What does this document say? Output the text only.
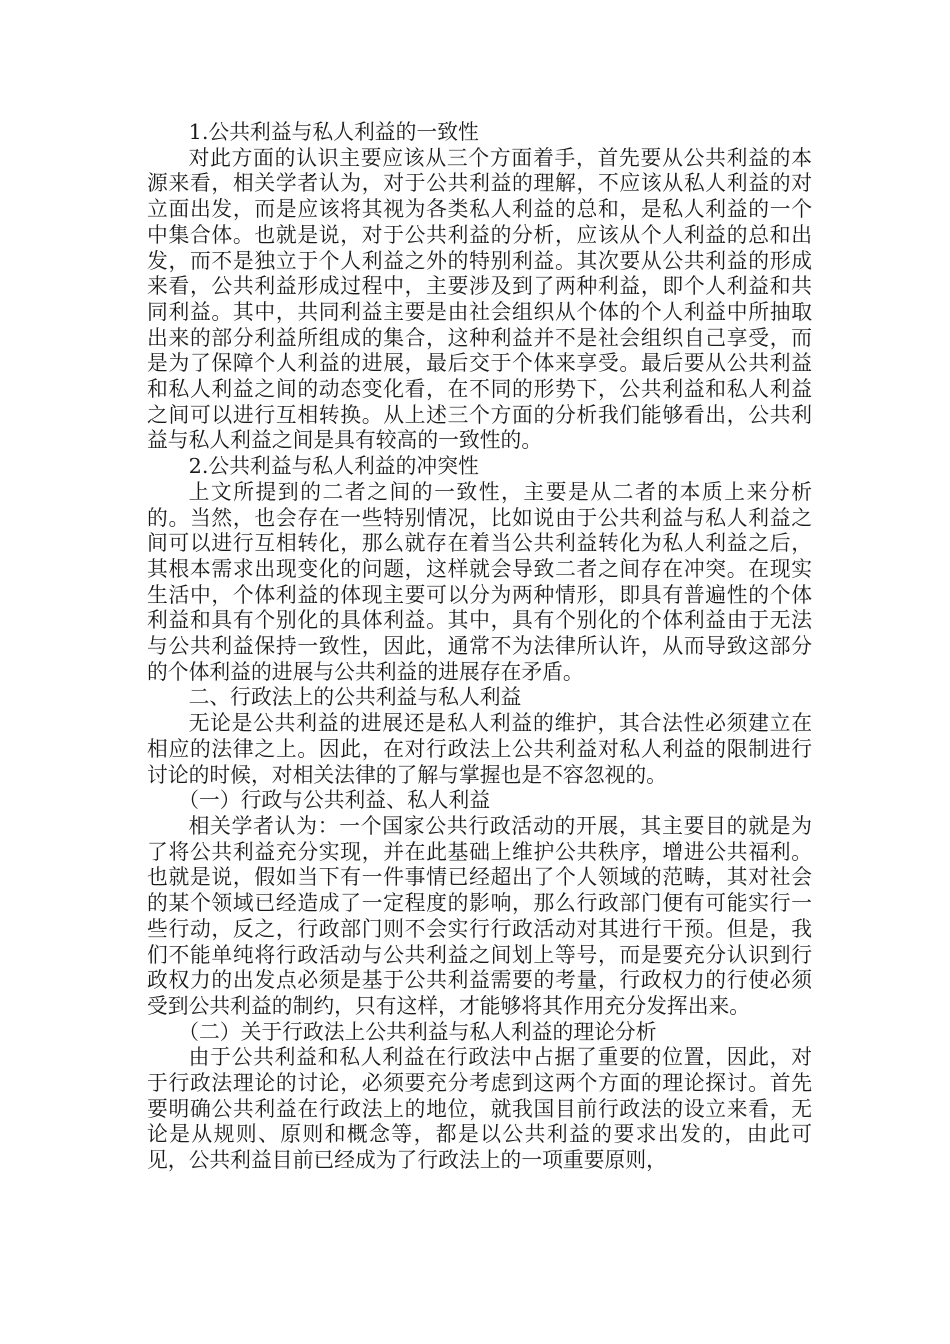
1.公共利益与私人利益的一致性

对此方面的认识主要应该从三个方面着手，首先要从公共利益的本源来看，相关学者认为，对于公共利益的理解，不应该从私人利益的对立面出发，而是应该将其视为各类私人利益的总和，是私人利益的一个中集合体。也就是说，对于公共利益的分析，应该从个人利益的总和出发，而不是独立于个人利益之外的特别利益。其次要从公共利益的形成来看，公共利益形成过程中，主要涉及到了两种利益，即个人利益和共同利益。其中，共同利益主要是由社会组织从个体的个人利益中所抽取出来的部分利益所组成的集合，这种利益并不是社会组织自己享受，而是为了保障个人利益的进展，最后交于个体来享受。最后要从公共利益和私人利益之间的动态变化看，在不同的形势下，公共利益和私人利益之间可以进行互相转换。从上述三个方面的分析我们能够看出，公共利益与私人利益之间是具有较高的一致性的。

2.公共利益与私人利益的冲突性

上文所提到的二者之间的一致性，主要是从二者的本质上来分析的。当然，也会存在一些特别情况，比如说由于公共利益与私人利益之间可以进行互相转化，那么就存在着当公共利益转化为私人利益之后，其根本需求出现变化的问题，这样就会导致二者之间存在冲突。在现实生活中，个体利益的体现主要可以分为两种情形，即具有普遍性的个体利益和具有个别化的具体利益。其中，具有个别化的个体利益由于无法与公共利益保持一致性，因此，通常不为法律所认许，从而导致这部分的个体利益的进展与公共利益的进展存在矛盾。

二、行政法上的公共利益与私人利益

无论是公共利益的进展还是私人利益的维护，其合法性必须建立在相应的法律之上。因此，在对行政法上公共利益对私人利益的限制进行讨论的时候，对相关法律的了解与掌握也是不容忽视的。

（一）行政与公共利益、私人利益

相关学者认为：一个国家公共行政活动的开展，其主要目的就是为了将公共利益充分实现，并在此基础上维护公共秩序，增进公共福利。也就是说，假如当下有一件事情已经超出了个人领域的范畴，其对社会的某个领域已经造成了一定程度的影响，那么行政部门便有可能实行一些行动，反之，行政部门则不会实行行政活动对其进行干预。但是，我们不能单纯将行政活动与公共利益之间划上等号，而是要充分认识到行政权力的出发点必须是基于公共利益需要的考量，行政权力的行使必须受到公共利益的制约，只有这样，才能够将其作用充分发挥出来。

（二）关于行政法上公共利益与私人利益的理论分析

由于公共利益和私人利益在行政法中占据了重要的位置，因此，对于行政法理论的讨论，必须要充分考虑到这两个方面的理论探讨。首先要明确公共利益在行政法上的地位，就我国目前行政法的设立来看，无论是从规则、原则和概念等，都是以公共利益的要求出发的，由此可见，公共利益目前已经成为了行政法上的一项重要原则，
